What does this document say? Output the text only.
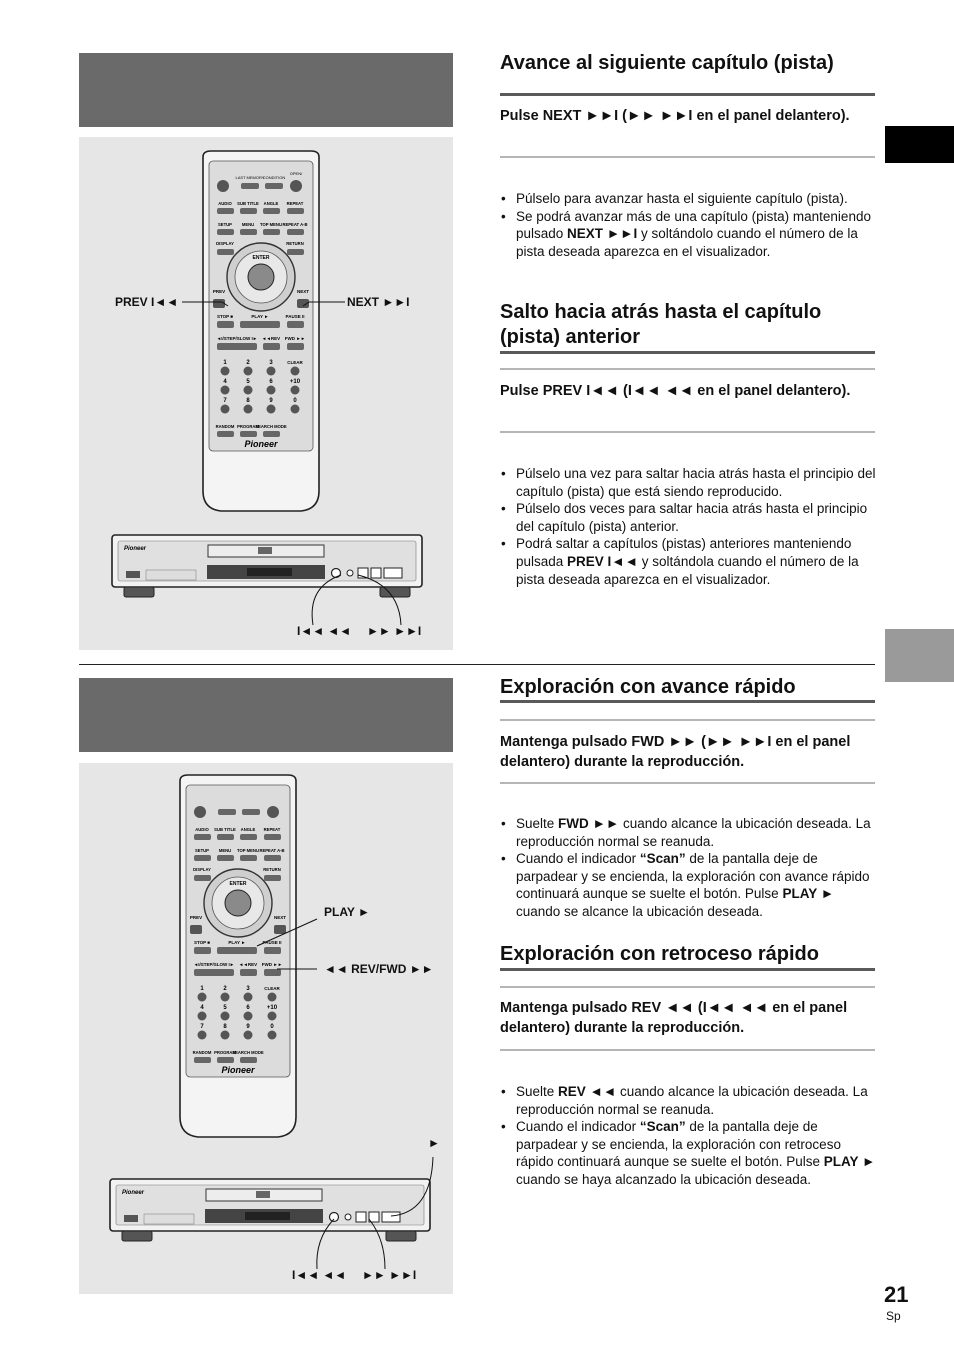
LAST MEMORY
CONDITION
OPEN/
AUDIO SUB TITLE ANGLE REPEAT
SETUP MENU TOP MENU REPEAT A-B
DISPLAY	RETURN
ENTER
PREV	NEXT
STOP ■	PLAY ►	PAUSE II
◄I/STEP/SLOW I► ◄◄REV FWD ►►
1	2	3	CLEAR
4	5	6	+10
7	8	9	0
RANDOM PROGRAM
SEARCH MODE
Pioneer
Pioneer
PREV I◄◄	NEXT ►►I
I◄◄ ◄◄ ►► ►►I
Avance al siguiente capítulo (pista)
Pulse NEXT ►►I (►► ►►I en el panel delantero).
• Púlselo para avanzar hasta el siguiente capítulo (pista).
• Se podrá avanzar más de una capítulo (pista) manteniendo pulsado NEXT ►►I y soltándolo cuando el número de la pista deseada aparezca en el visualizador.
Salto hacia atrás hasta el capítulo (pista) anterior
Pulse PREV I◄◄ (I◄◄ ◄◄ en el panel delantero).
• Púlselo una vez para saltar hacia atrás hasta el principio del capítulo (pista) que está siendo reproducido.
• Púlselo dos veces para saltar hacia atrás hasta el principio del capítulo (pista) anterior.
• Podrá saltar a capítulos (pistas) anteriores manteniendo pulsada PREV I◄◄ y soltándola cuando el número de la pista deseada aparezca en el visualizador.
AUDIO SUB TITLE ANGLE REPEAT
SETUP MENU TOP MENU REPEAT A-B
DISPLAY	RETURN
ENTER
PREV	NEXT
STOP ■	PLAY ►	PAUSE II
◄I/STEP/SLOW I► ◄◄REV FWD ►►
1	2	3	CLEAR
4	5	6	+10
7	8	9	0
RANDOM PROGRAM
SEARCH MODE
Pioneer
Pioneer
PLAY ►
◄◄ REV/FWD ►►
►
I◄◄ ◄◄ ►► ►►I
Exploración con avance rápido
Mantenga pulsado FWD ►► (►► ►►I en el panel delantero) durante la reproducción.
• Suelte FWD ►► cuando alcance la ubicación deseada. La reproducción normal se reanuda.
• Cuando el indicador “Scan” de la pantalla deje de parpadear y se encienda, la exploración con avance rápido continuará aunque se suelte el botón. Pulse PLAY ► cuando se alcance la ubicación deseada.
Exploración con retroceso rápido
Mantenga pulsado REV ◄◄ (I◄◄ ◄◄ en el panel delantero) durante la reproducción.
• Suelte REV ◄◄ cuando alcance la ubicación deseada. La reproducción normal se reanuda.
• Cuando el indicador “Scan” de la pantalla deje de parpadear y se encienda, la exploración con retroceso rápido continuará aunque se suelte el botón. Pulse PLAY ► cuando se haya alcanzado la ubicación deseada.
21
Sp
